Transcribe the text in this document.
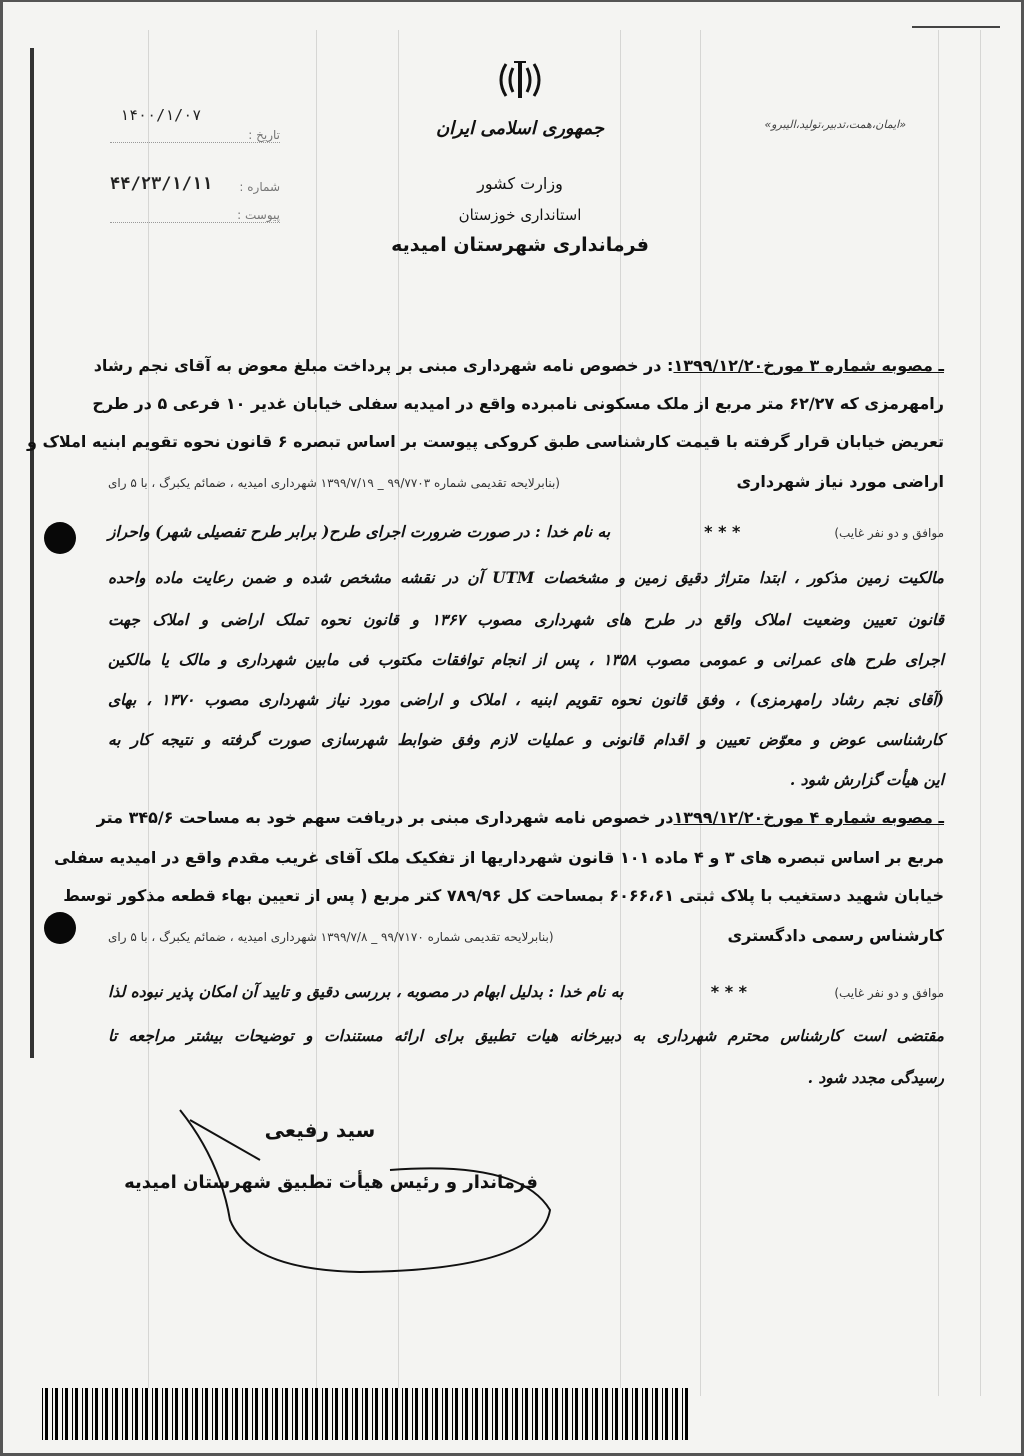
جمهوری اسلامی ایران
وزارت کشور
استانداری خوزستان
فرمانداری شهرستان امیدیه
«ایمان،همت،تدبیر،تولید،الیبرو»
تاریخ :
۱۴۰۰/۱/۰۷

شماره :
۴۴/۲۳/۱/۱۱

پیوست :

ـ مصوبه شماره ۳ مورخ۱۳۹۹/۱۲/۲۰
: در خصوص نامه شهرداری مبنی بر پرداخت مبلغ معوض به آقای نجم رشاد
رامهرمزی که ۶۲/۲۷ متر مربع از ملک مسکونی نامبرده واقع در امیدیه سفلی خیابان غدیر ۱۰ فرعی ۵ در طرح
تعریض خیابان قرار گرفته با قیمت کارشناسی طبق کروکی پیوست بر اساس تبصره ۶ قانون نحوه تقویم ابنیه املاک و
اراضی مورد نیاز شهرداری
(بنابرلایحه تقدیمی شماره ۹۹/۷۷۰۳ _ ۱۳۹۹/۷/۱۹ شهرداری امیدیه ، ضمائم یکبرگ ، با ۵ رای
موافق و دو نفر غایب)
* * *
به نام خدا : در صورت ضرورت اجرای طرح( برابر طرح تفصیلی شهر) واحراز
مالکیت زمین مذکور ، ابتدا متراژ دقیق زمین و مشخصات UTM آن در نقشه مشخص شده و ضمن رعایت ماده واحده
قانون تعیین وضعیت املاک واقع در طرح های شهرداری مصوب ۱۳۶۷ و قانون نحوه تملک اراضی و املاک جهت
اجرای طرح های عمرانی و عمومی مصوب ۱۳۵۸ ، پس از انجام توافقات مکتوب فی مابین شهرداری و مالک یا مالکین
(آقای نجم رشاد رامهرمزی) ، وفق قانون نحوه تقویم ابنیه ، املاک و اراضی مورد نیاز شهرداری مصوب ۱۳۷۰ ، بهای
کارشناسی عوض و معوّض تعیین و اقدام قانونی و عملیات لازم وفق ضوابط شهرسازی صورت گرفته و نتیجه کار به
این هیأت گزارش شود .
ـ مصوبه شماره ۴ مورخ۱۳۹۹/۱۲/۲۰
در خصوص نامه شهرداری مبنی بر دریافت سهم خود به مساحت ۳۴۵/۶ متر
مربع بر اساس تبصره های ۳ و ۴ ماده ۱۰۱ قانون شهرداریها از تفکیک ملک آقای غریب مقدم واقع در امیدیه سفلی
خیابان شهید دستغیب با پلاک ثبتی ۶۰۶۶،۶۱ بمساحت کل ۷۸۹/۹۶ کتر مربع ( پس از تعیین بهاء قطعه مذکور توسط
کارشناس رسمی دادگستری
(بنابرلایحه تقدیمی شماره ۹۹/۷۱۷۰ _ ۱۳۹۹/۷/۸ شهرداری امیدیه ، ضمائم یکبرگ ، با ۵ رای
موافق و دو نفر غایب)
* * *
به نام خدا : بدلیل ابهام در مصوبه ، بررسی دقیق و تایید آن امکان پذیر نبوده لذا
مقتضی است کارشناس محترم شهرداری به دبیرخانه هیات تطبیق برای ارائه مستندات و توضیحات بیشتر مراجعه تا
رسیدگی مجدد شود .
سید رفیعی
فرماندار و رئیس هیأت تطبیق شهرستان امیدیه
